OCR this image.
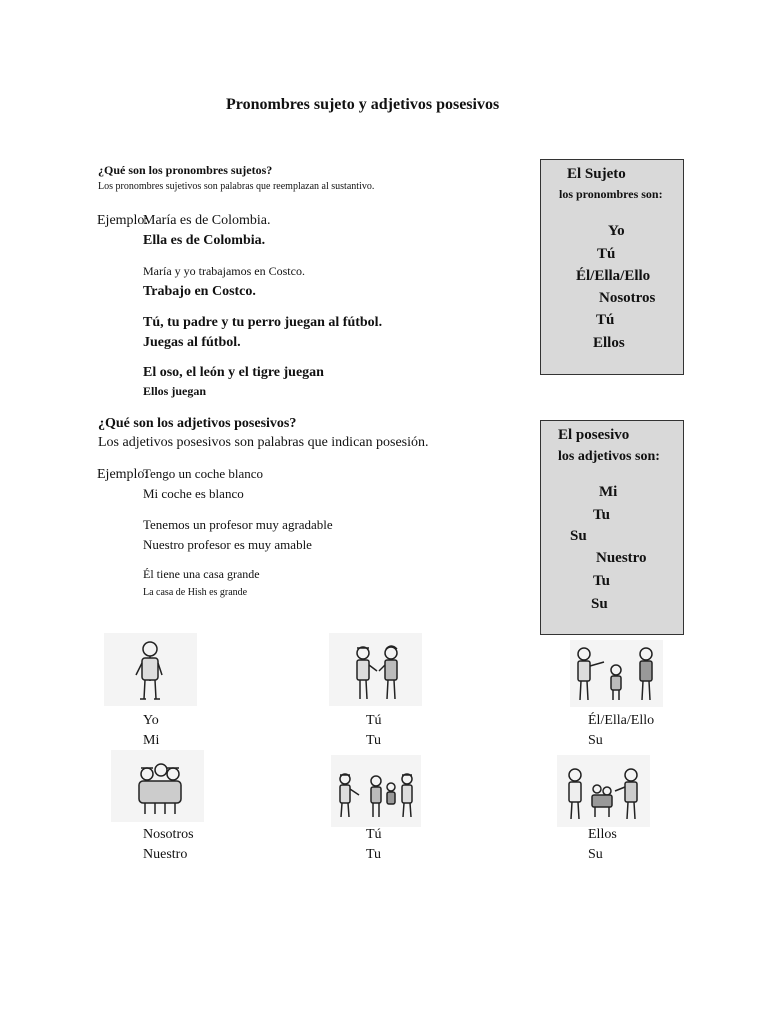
Pronombres sujeto y adjetivos posesivos
¿Qué son los pronombres sujetos?
Los pronombres sujetivos son palabras que reemplazan al sustantivo.
Ejemplo:
María es de Colombia.
Ella es de Colombia.
María y yo trabajamos en Costco.
Trabajo en Costco.
Tú, tu padre y tu perro juegan al fútbol.
Juegas al fútbol.
El oso, el león y el tigre juegan
Ellos juegan
¿Qué son los adjetivos posesivos?
Los adjetivos posesivos son palabras que indican posesión.
Ejemplo:
Tengo un coche blanco
Mi coche es blanco
Tenemos un profesor muy agradable
Nuestro profesor es muy amable
Él tiene una casa grande
La casa de Hish es grande
El Sujeto
los pronombres son:
Yo
Tú
Él/Ella/Ello
Nosotros
Tú
Ellos
El posesivo
los adjetivos son:
Mi
Tu
Su
Nuestro
Tu
Su
Yo
Mi
Tú
Tu
Él/Ella/Ello
Su
Nosotros
Nuestro
Tú
Tu
Ellos
Su
